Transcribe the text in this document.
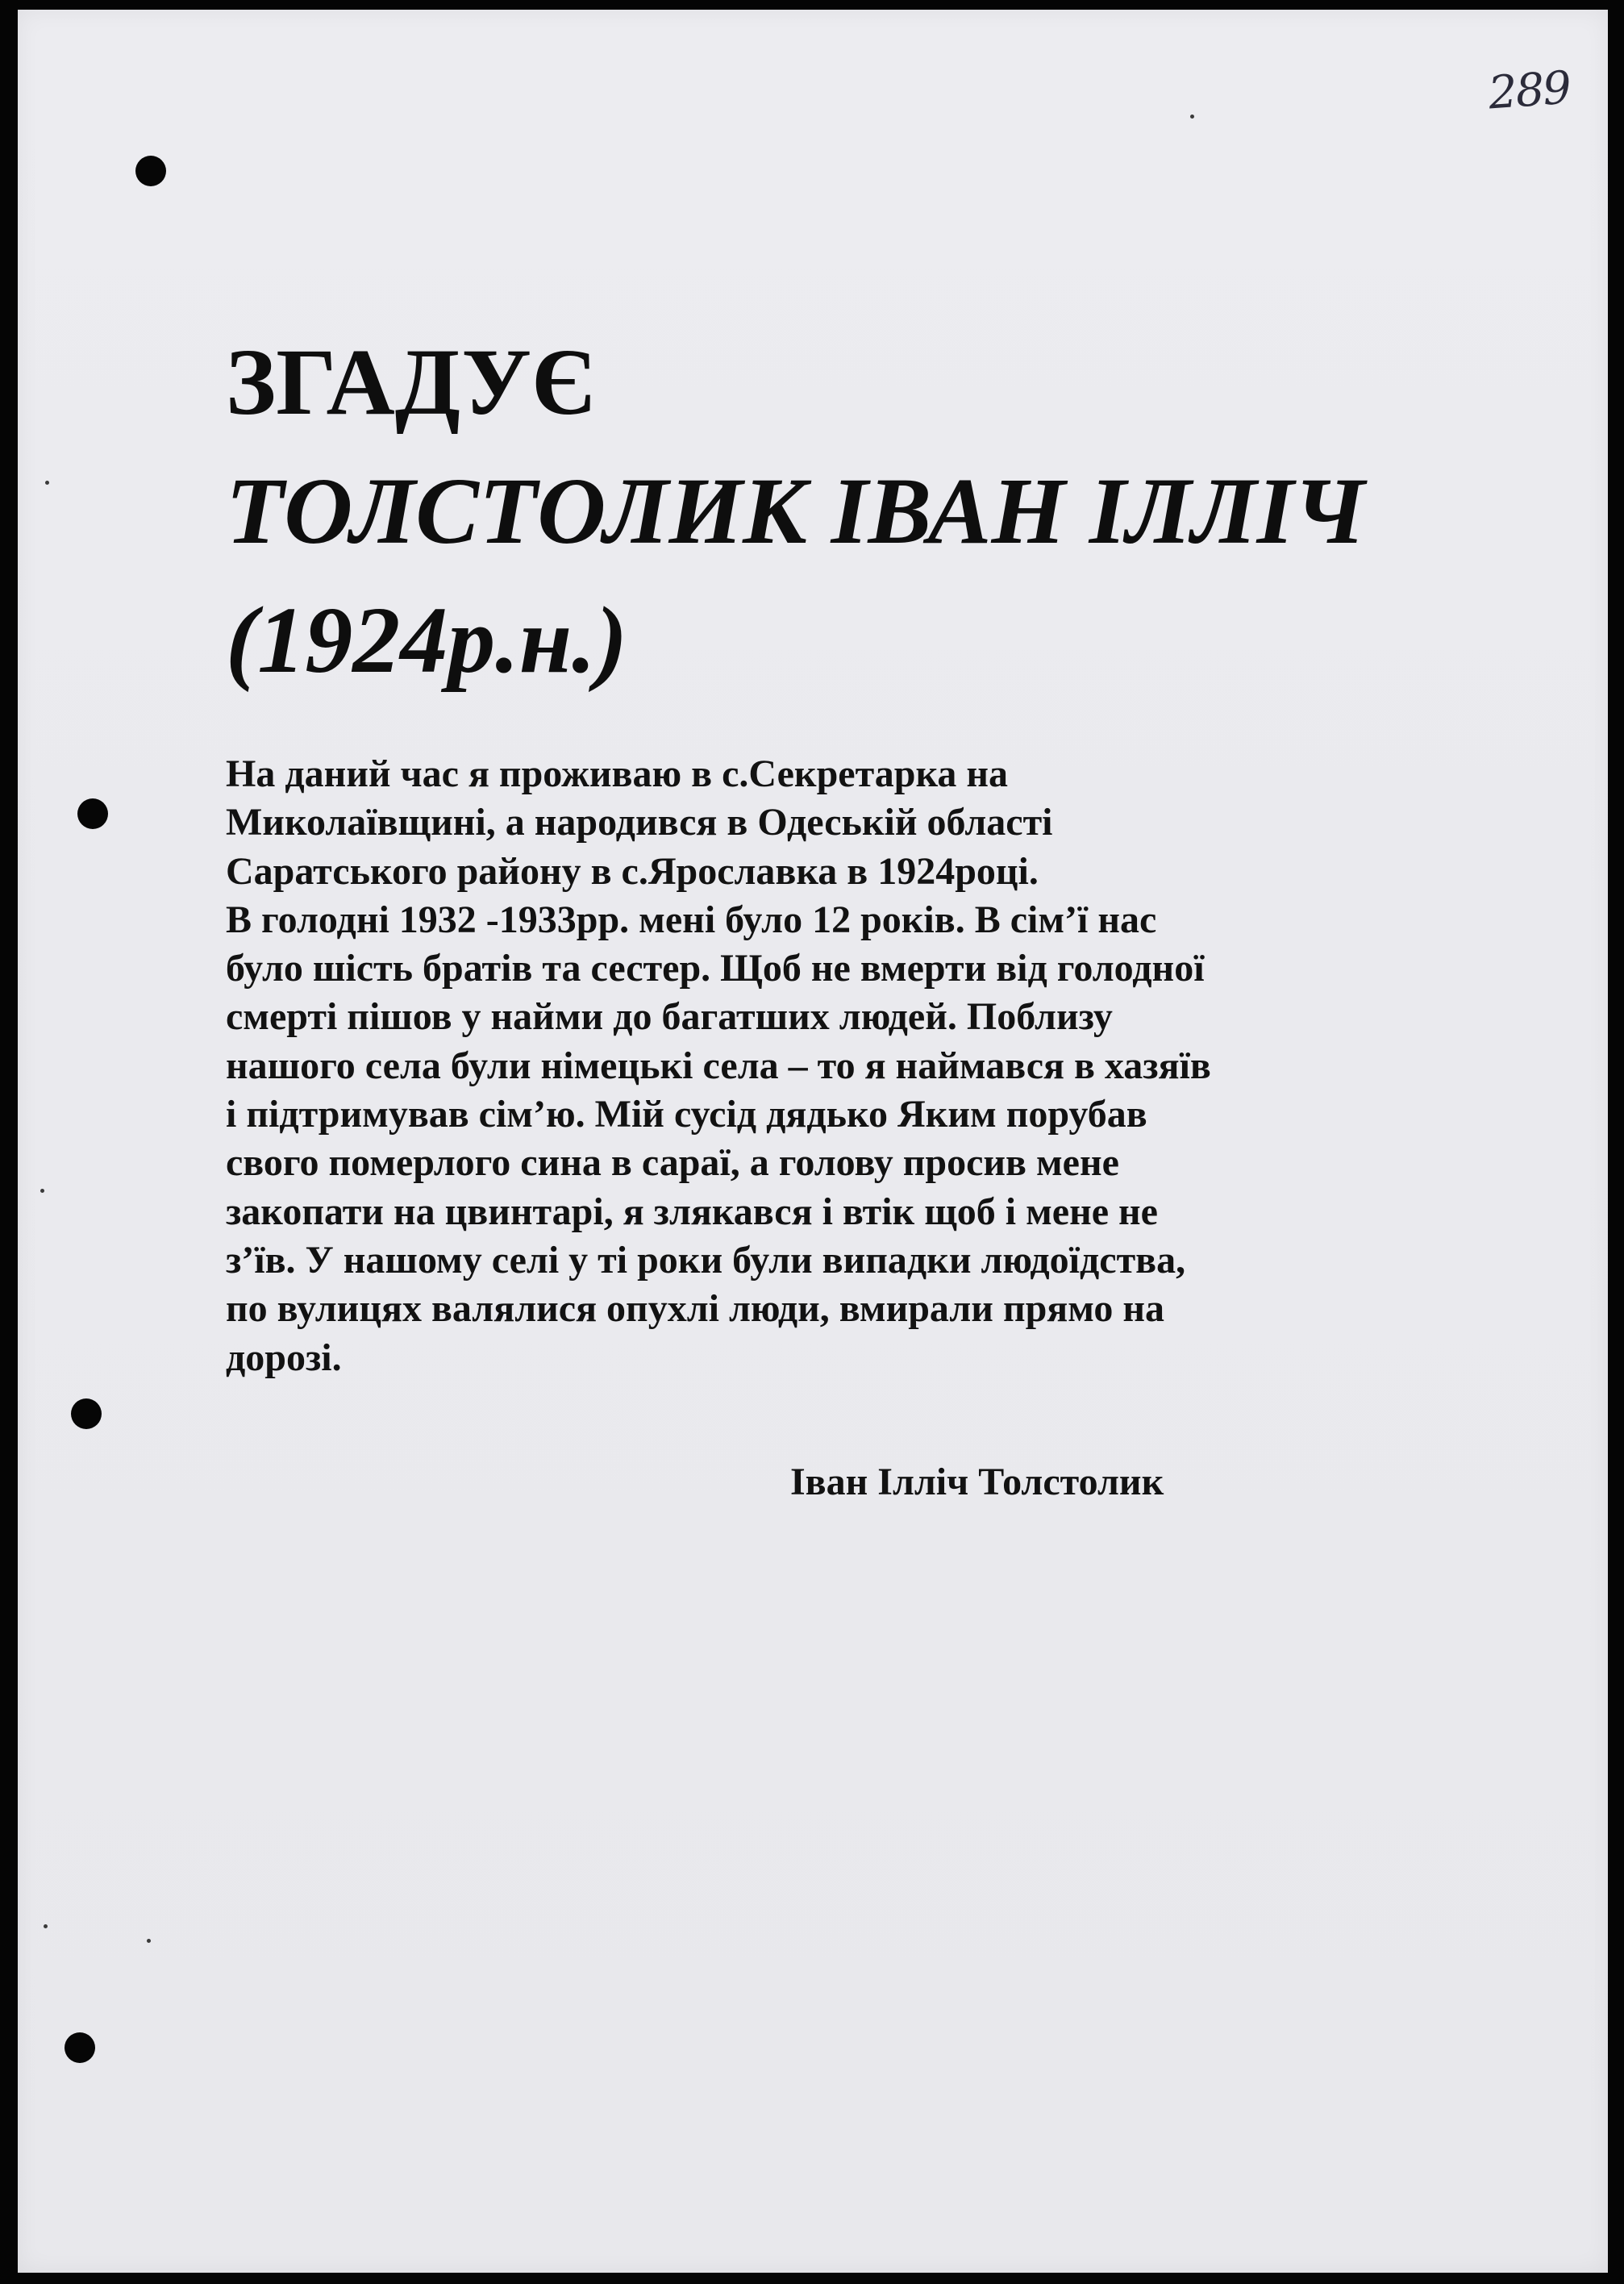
289
ЗГАДУЄ
ТОЛСТОЛИК ІВАН ІЛЛІЧ
(1924р.н.)
На даний час я проживаю в с.Секретарка на
Миколаївщині, а народився в Одеській області
Саратського району в с.Ярославка в 1924році.
В голодні 1932 -1933рр. мені було 12 років. В сім’ї нас
було шість братів та сестер. Щоб не вмерти від голодної
смерті пішов у найми до багатших людей. Поблизу
нашого села були німецькі села – то я наймався в хазяїв
і підтримував сім’ю. Мій сусід дядько Яким порубав
свого померлого сина в сараї, а голову просив мене
закопати на цвинтарі, я злякався і втік щоб і мене не
з’їв. У нашому селі у ті роки були випадки людоїдства,
по вулицях валялися опухлі люди, вмирали прямо на
дорозі.
Іван Ілліч Толстолик
